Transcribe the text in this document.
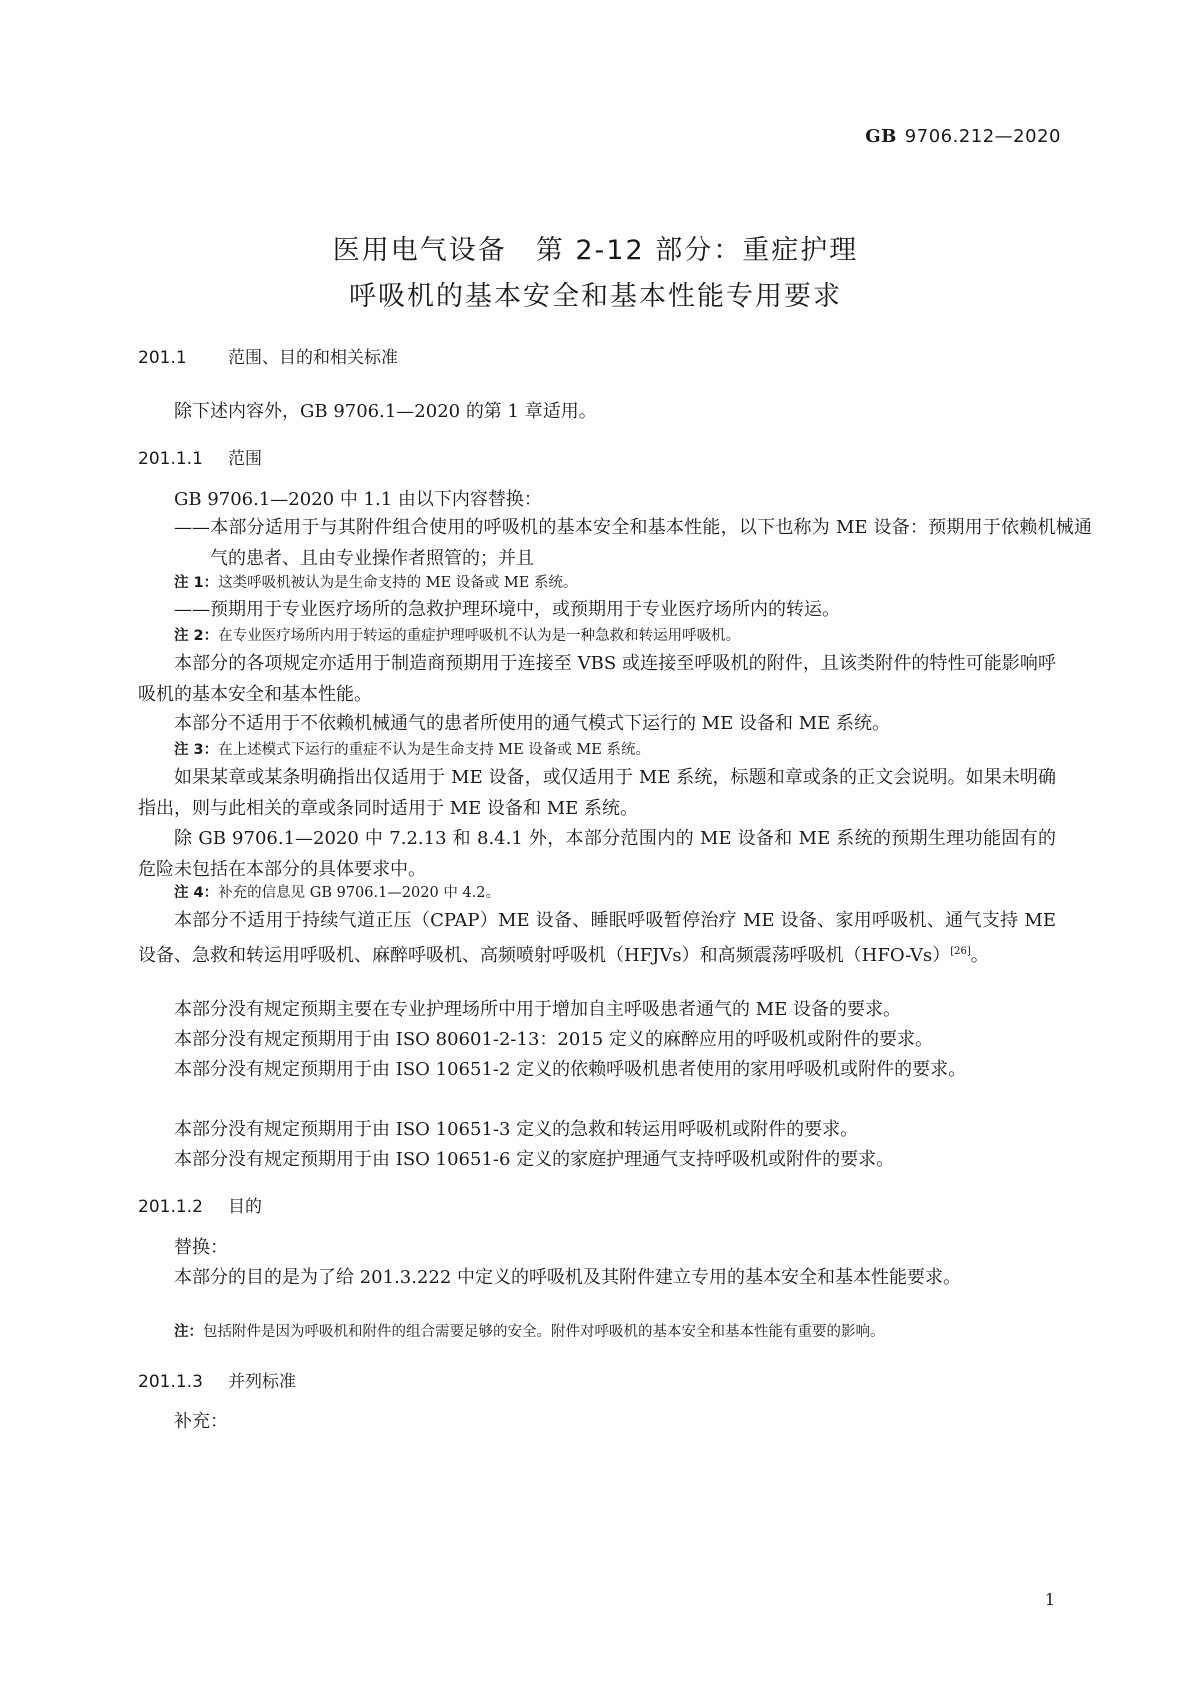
GB 9706.212—2020
医用电气设备　第 2-12 部分：重症护理
呼吸机的基本安全和基本性能专用要求
201.1 范围、目的和相关标准
除下述内容外，GB 9706.1—2020 的第 1 章适用。
201.1.1 范围
GB 9706.1—2020 中 1.1 由以下内容替换：
——本部分适用于与其附件组合使用的呼吸机的基本安全和基本性能，以下也称为 ME 设备：预期用于依赖机械通气的患者、且由专业操作者照管的；并且
注 1：这类呼吸机被认为是生命支持的 ME 设备或 ME 系统。
——预期用于专业医疗场所的急救护理环境中，或预期用于专业医疗场所内的转运。
注 2：在专业医疗场所内用于转运的重症护理呼吸机不认为是一种急救和转运用呼吸机。
本部分的各项规定亦适用于制造商预期用于连接至 VBS 或连接至呼吸机的附件，且该类附件的特性可能影响呼吸机的基本安全和基本性能。
本部分不适用于不依赖机械通气的患者所使用的通气模式下运行的 ME 设备和 ME 系统。
注 3：在上述模式下运行的重症不认为是生命支持 ME 设备或 ME 系统。
如果某章或某条明确指出仅适用于 ME 设备，或仅适用于 ME 系统，标题和章或条的正文会说明。如果未明确指出，则与此相关的章或条同时适用于 ME 设备和 ME 系统。
除 GB 9706.1—2020 中 7.2.13 和 8.4.1 外，本部分范围内的 ME 设备和 ME 系统的预期生理功能固有的危险未包括在本部分的具体要求中。
注 4：补充的信息见 GB 9706.1—2020 中 4.2。
本部分不适用于持续气道正压（CPAP）ME 设备、睡眠呼吸暂停治疗 ME 设备、家用呼吸机、通气支持 ME 设备、急救和转运用呼吸机、麻醉呼吸机、高频喷射呼吸机（HFJVs）和高频震荡呼吸机（HFO-Vs）[26]。
本部分没有规定预期主要在专业护理场所中用于增加自主呼吸患者通气的 ME 设备的要求。
本部分没有规定预期用于由 ISO 80601-2-13：2015 定义的麻醉应用的呼吸机或附件的要求。
本部分没有规定预期用于由 ISO 10651-2 定义的依赖呼吸机患者使用的家用呼吸机或附件的要求。
本部分没有规定预期用于由 ISO 10651-3 定义的急救和转运用呼吸机或附件的要求。
本部分没有规定预期用于由 ISO 10651-6 定义的家庭护理通气支持呼吸机或附件的要求。
201.1.2 目的
替换：
本部分的目的是为了给 201.3.222 中定义的呼吸机及其附件建立专用的基本安全和基本性能要求。
注：包括附件是因为呼吸机和附件的组合需要足够的安全。附件对呼吸机的基本安全和基本性能有重要的影响。
201.1.3 并列标准
补充：
1
